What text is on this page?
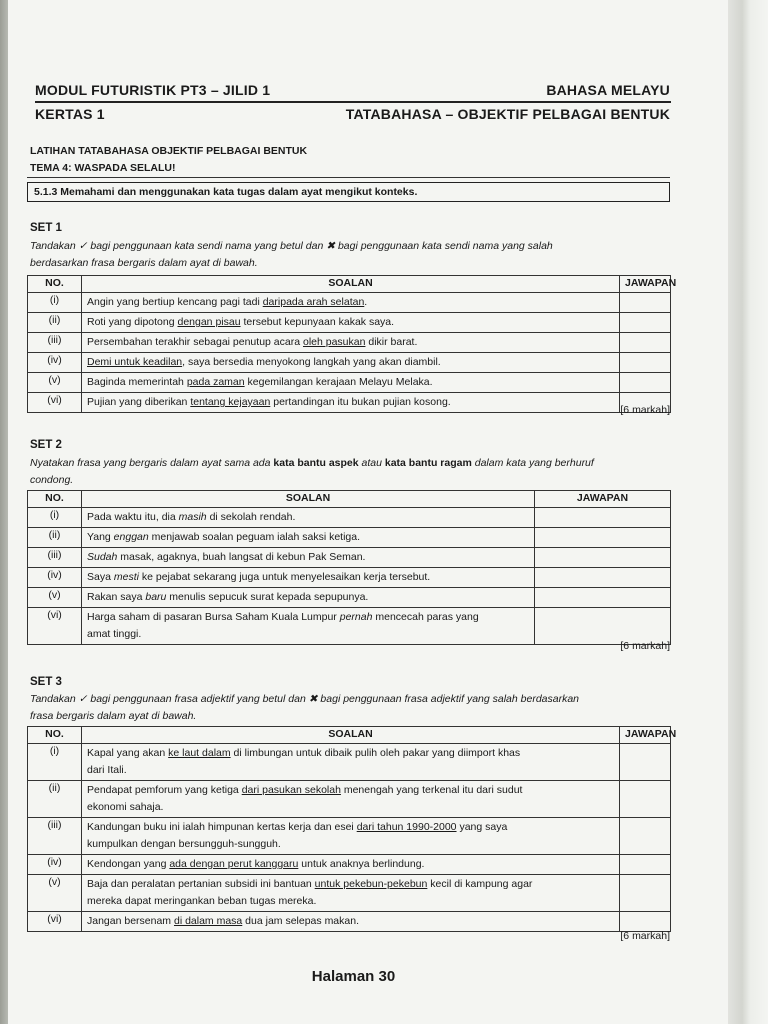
MODUL FUTURISTIK PT3 – JILID 1	BAHASA MELAYU
KERTAS 1	TATABAHASA – OBJEKTIF PELBAGAI BENTUK
LATIHAN TATABAHASA OBJEKTIF PELBAGAI BENTUK
TEMA 4: WASPADA SELALU!
5.1.3 Memahami dan menggunakan kata tugas dalam ayat mengikut konteks.
SET 1
Tandakan ✓ bagi penggunaan kata sendi nama yang betul dan ✖ bagi penggunaan kata sendi nama yang salah
berdasarkan frasa bergaris dalam ayat di bawah.
NO.	SOALAN	JAWAPAN
(i)	Angin yang bertiup kencang pagi tadi daripada arah selatan.	
(ii)	Roti yang dipotong dengan pisau tersebut kepunyaan kakak saya.	
(iii)	Persembahan terakhir sebagai penutup acara oleh pasukan dikir barat.	
(iv)	Demi untuk keadilan, saya bersedia menyokong langkah yang akan diambil.	
(v)	Baginda memerintah pada zaman kegemilangan kerajaan Melayu Melaka.	
(vi)	Pujian yang diberikan tentang kejayaan pertandingan itu bukan pujian kosong.	
[6 markah]
SET 2
Nyatakan frasa yang bergaris dalam ayat sama ada kata bantu aspek atau kata bantu ragam dalam kata yang berhuruf
condong.
NO.	SOALAN	JAWAPAN
(i)	Pada waktu itu, dia masih di sekolah rendah.	
(ii)	Yang enggan menjawab soalan peguam ialah saksi ketiga.	
(iii)	Sudah masak, agaknya, buah langsat di kebun Pak Seman.	
(iv)	Saya mesti ke pejabat sekarang juga untuk menyelesaikan kerja tersebut.	
(v)	Rakan saya baru menulis sepucuk surat kepada sepupunya.	
(vi)	Harga saham di pasaran Bursa Saham Kuala Lumpur pernah mencecah paras yang
amat tinggi.	
[6 markah]
SET 3
Tandakan ✓ bagi penggunaan frasa adjektif yang betul dan ✖ bagi penggunaan frasa adjektif yang salah berdasarkan
frasa bergaris dalam ayat di bawah.
NO.	SOALAN	JAWAPAN
(i)	Kapal yang akan ke laut dalam di limbungan untuk dibaik pulih oleh pakar yang diimport khas
dari Itali.	
(ii)	Pendapat pemforum yang ketiga dari pasukan sekolah menengah yang terkenal itu dari sudut
ekonomi sahaja.	
(iii)	Kandungan buku ini ialah himpunan kertas kerja dan esei dari tahun 1990-2000 yang saya
kumpulkan dengan bersungguh-sungguh.	
(iv)	Kendongan yang ada dengan perut kanggaru untuk anaknya berlindung.	
(v)	Baja dan peralatan pertanian subsidi ini bantuan untuk pekebun-pekebun kecil di kampung agar
mereka dapat meringankan beban tugas mereka.	
(vi)	Jangan bersenam di dalam masa dua jam selepas makan.	
[6 markah]
Halaman 30
